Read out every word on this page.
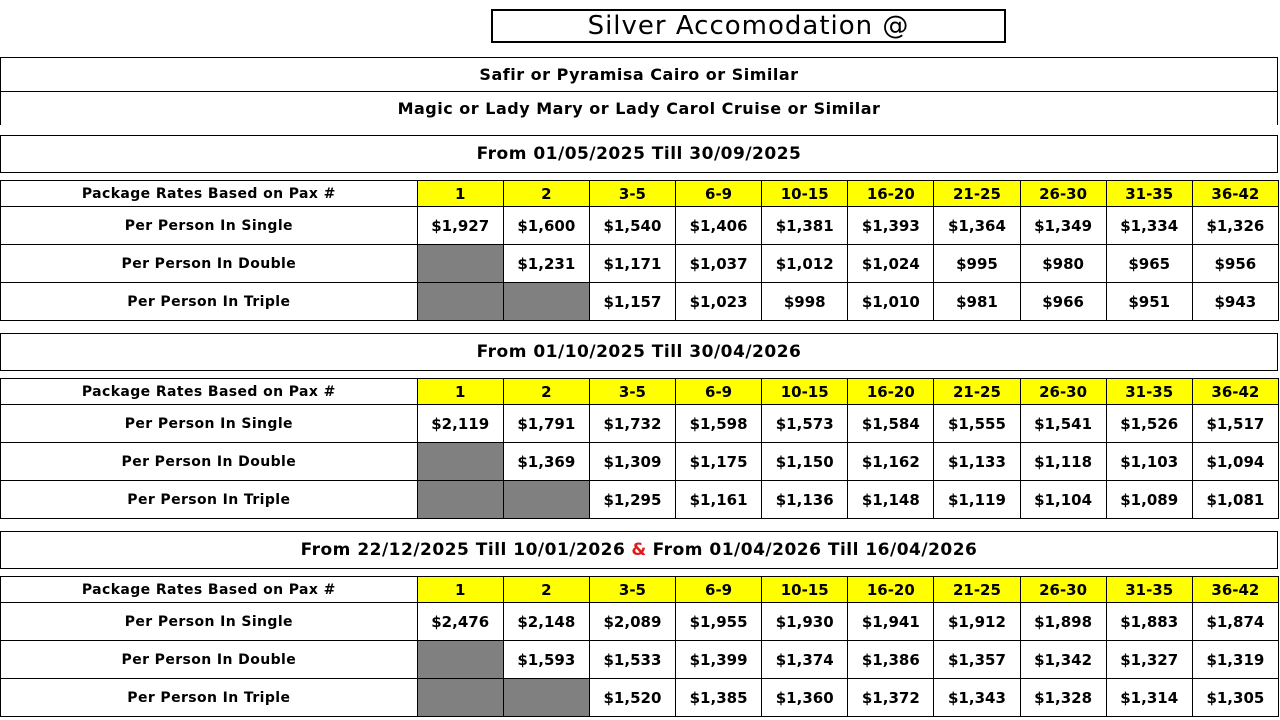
Silver Accomodation @
Safir or Pyramisa Cairo or Similar
Magic or Lady Mary or Lady Carol Cruise or Similar
From 01/05/2025 Till 30/09/2025
Package Rates Based on Pax #	1	2	3-5	6-9	10-15	16-20	21-25	26-30	31-35	36-42
Per Person In Single	$1,927	$1,600	$1,540	$1,406	$1,381	$1,393	$1,364	$1,349	$1,334	$1,326
Per Person In Double		$1,231	$1,171	$1,037	$1,012	$1,024	$995	$980	$965	$956
Per Person In Triple			$1,157	$1,023	$998	$1,010	$981	$966	$951	$943
From 01/10/2025 Till 30/04/2026
Package Rates Based on Pax #	1	2	3-5	6-9	10-15	16-20	21-25	26-30	31-35	36-42
Per Person In Single	$2,119	$1,791	$1,732	$1,598	$1,573	$1,584	$1,555	$1,541	$1,526	$1,517
Per Person In Double		$1,369	$1,309	$1,175	$1,150	$1,162	$1,133	$1,118	$1,103	$1,094
Per Person In Triple			$1,295	$1,161	$1,136	$1,148	$1,119	$1,104	$1,089	$1,081
From 22/12/2025 Till 10/01/2026 & From 01/04/2026 Till 16/04/2026
Package Rates Based on Pax #	1	2	3-5	6-9	10-15	16-20	21-25	26-30	31-35	36-42
Per Person In Single	$2,476	$2,148	$2,089	$1,955	$1,930	$1,941	$1,912	$1,898	$1,883	$1,874
Per Person In Double		$1,593	$1,533	$1,399	$1,374	$1,386	$1,357	$1,342	$1,327	$1,319
Per Person In Triple			$1,520	$1,385	$1,360	$1,372	$1,343	$1,328	$1,314	$1,305
